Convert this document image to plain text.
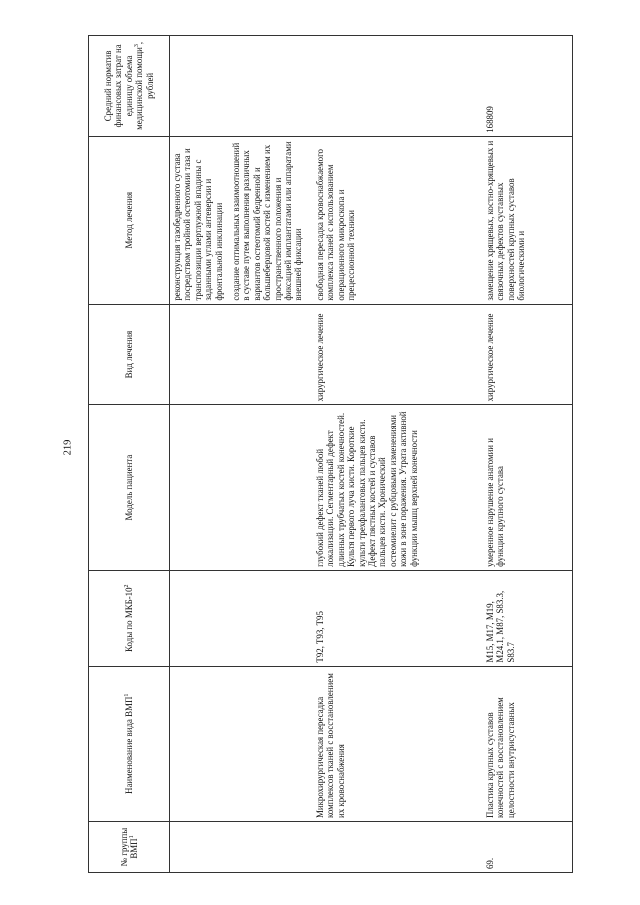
219
№ группы ВМП$^1$	Наименование вида ВМП$^1$	Коды по МКБ-$10^2$	Модель пациента	Вид лечения	Метод лечения	Средний норматив финансовых затрат на единицу объема медицинской помощи$^3$, рублей

					реконструкция тазобедренного сустава посредством тройной остеотомии таза и транспозиции вертлужной впадины с заданными углами антеверсии и фронтальной инклинации создание оптимальных взаимоотношений в суставе путем выполнения различных вариантов остеотомий бедренной и большеберцовой костей с изменением их пространственного положения и фиксацией имплантатами или аппаратами внешней фиксации	

	Микрохирургическая пересадка комплексов тканей с восстановлением их кровоснабжения	T92, T93, T95	глубокий дефект тканей любой локализации. Сегментарный дефект длинных трубчатых костей конечностей. Культя первого луча кисти. Короткие культи трехфаланговых пальцев кисти. Дефект пястных костей и суставов пальцев кисти. Хронический остеомиелит с рубцовыми изменениями кожи в зоне поражения. Утрата активной функции мышц верхней конечности	хирургическое лечение	свободная пересадка кровоснабжаемого комплекса тканей с использованием операционного микроскопа и прецессионной техники	

69.	Пластика крупных суставов конечностей с восстановлением целостности внутрисуставных	M15, M17, M19, M24.1, M87, S83.3, S83.7	умеренное нарушение анатомии и функции крупного сустава	хирургическое лечение	замещение хрящевых, костно-хрящевых и связочных дефектов суставных поверхностей крупных суставов биологическими и	168809
